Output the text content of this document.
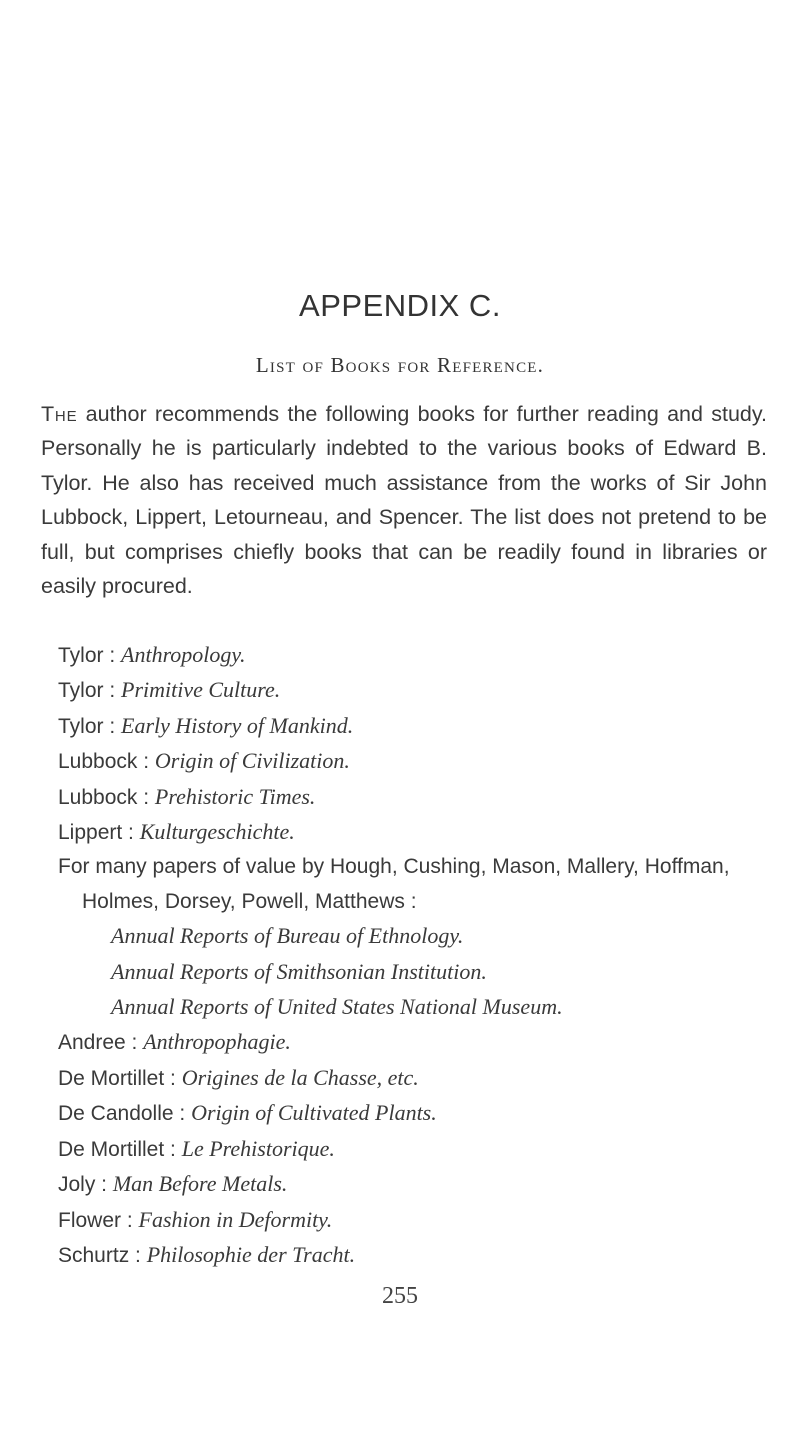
APPENDIX C.
List of Books for Reference.

The author recommends the following books for further reading and study. Personally he is particularly indebted to the various books of Edward B. Tylor. He also has received much assistance from the works of Sir John Lubbock, Lippert, Letourneau, and Spencer. The list does not pretend to be full, but comprises chiefly books that can be readily found in libraries or easily procured.

Tylor : Anthropology.
Tylor : Primitive Culture.
Tylor : Early History of Mankind.
Lubbock : Origin of Civilization.
Lubbock : Prehistoric Times.
Lippert : Kulturgeschichte.
For many papers of value by Hough, Cushing, Mason, Mallery, Hoffman, Holmes, Dorsey, Powell, Matthews :
Annual Reports of Bureau of Ethnology.
Annual Reports of Smithsonian Institution.
Annual Reports of United States National Museum.
Andree : Anthropophagie.
De Mortillet : Origines de la Chasse, etc.
De Candolle : Origin of Cultivated Plants.
De Mortillet : Le Prehistorique.
Joly : Man Before Metals.
Flower : Fashion in Deformity.
Schurtz : Philosophie der Tracht.
255
